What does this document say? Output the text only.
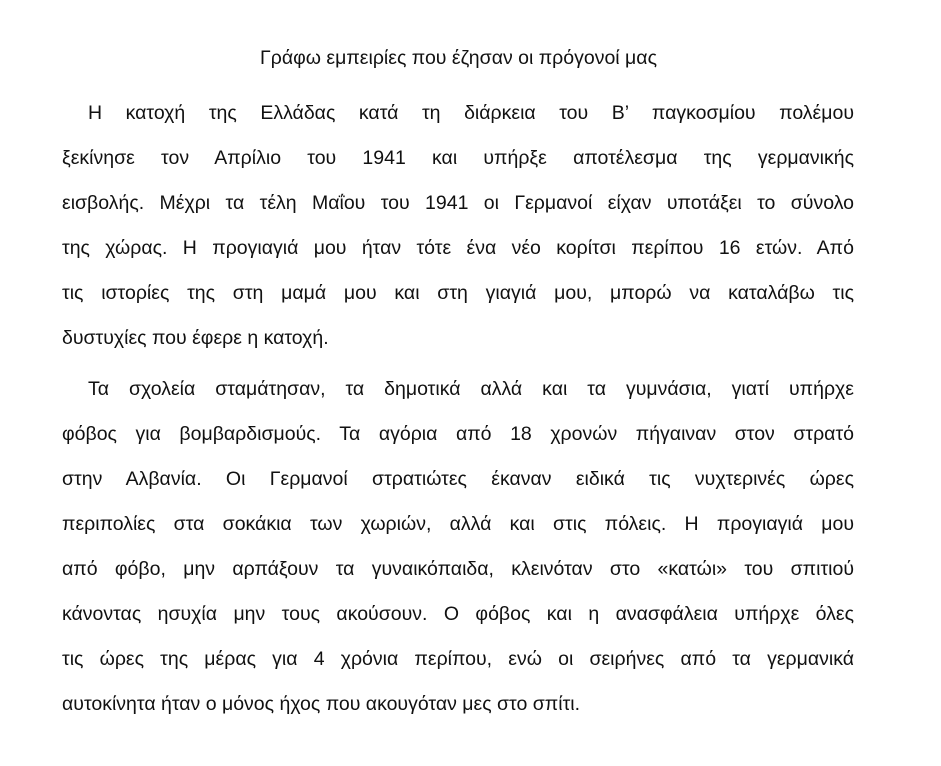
Γράφω εμπειρίες που έζησαν οι πρόγονοί μας
Η κατοχή της Ελλάδας κατά τη διάρκεια του Β’ παγκοσμίου πολέμου
ξεκίνησε τον Απρίλιο του 1941 και υπήρξε αποτέλεσμα της γερμανικής
εισβολής. Μέχρι τα τέλη Μαΐου του 1941 οι Γερμανοί είχαν υποτάξει το σύνολο
της χώρας. Η προγιαγιά μου ήταν τότε ένα νέο κορίτσι περίπου 16 ετών. Από
τις ιστορίες της στη μαμά μου και στη γιαγιά μου, μπορώ να καταλάβω τις
δυστυχίες που έφερε η κατοχή.
Τα σχολεία σταμάτησαν, τα δημοτικά αλλά και τα γυμνάσια, γιατί υπήρχε
φόβος για βομβαρδισμούς. Τα αγόρια από 18 χρονών πήγαιναν στον στρατό
στην Αλβανία. Οι Γερμανοί στρατιώτες έκαναν ειδικά τις νυχτερινές ώρες
περιπολίες στα σοκάκια των χωριών, αλλά και στις πόλεις. Η προγιαγιά μου
από φόβο, μην αρπάξουν τα γυναικόπαιδα, κλεινόταν στο «κατώι» του σπιτιού
κάνοντας ησυχία μην τους ακούσουν. Ο φόβος και η ανασφάλεια υπήρχε όλες
τις ώρες της μέρας για 4 χρόνια περίπου, ενώ οι σειρήνες από τα γερμανικά
αυτοκίνητα ήταν ο μόνος ήχος που ακουγόταν μες στο σπίτι.
